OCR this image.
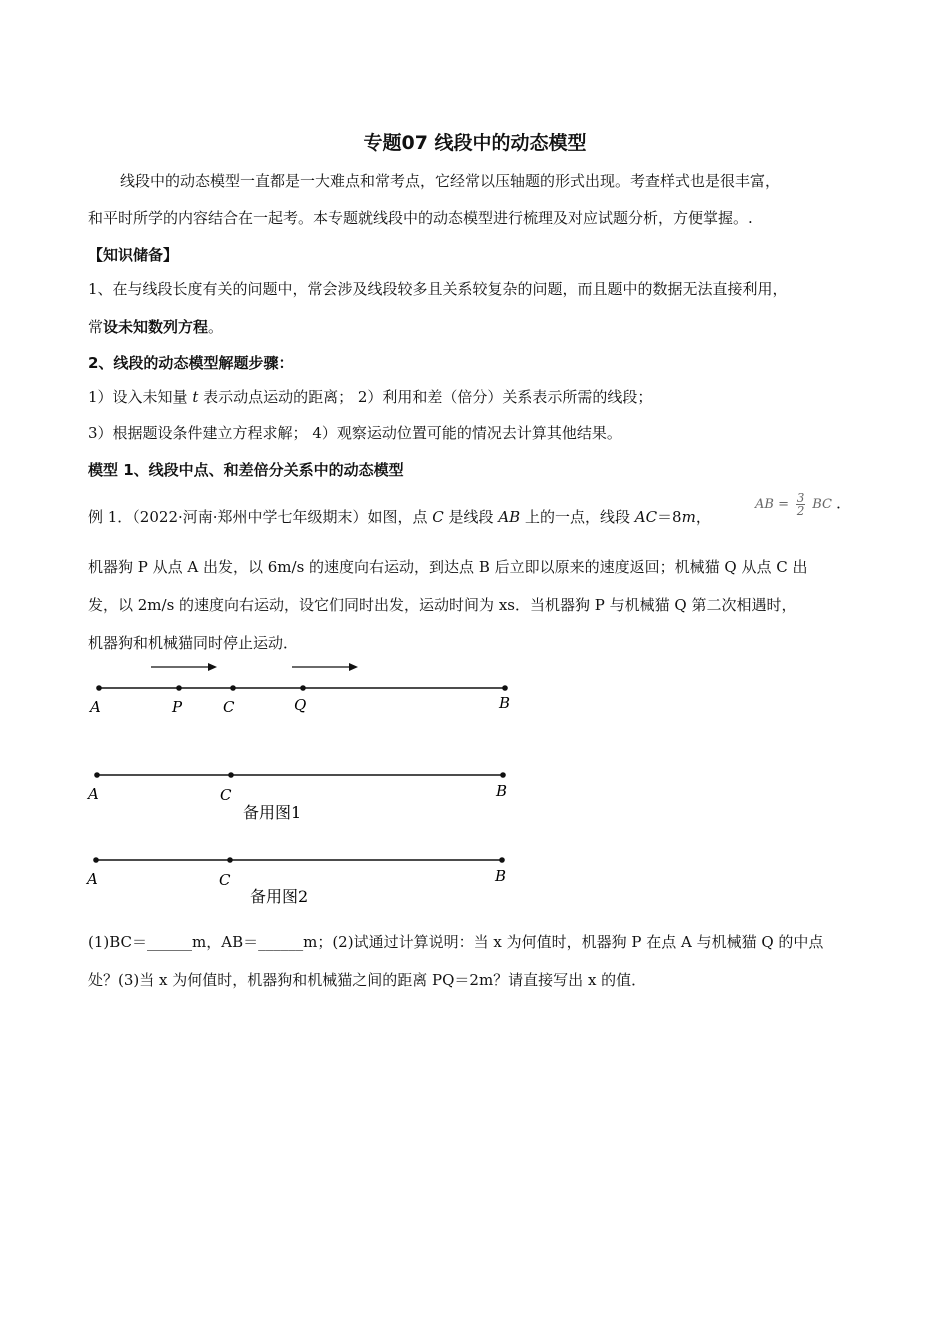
专题07 线段中的动态模型
线段中的动态模型一直都是一大难点和常考点，它经常以压轴题的形式出现。考查样式也是很丰富，
和平时所学的内容结合在一起考。本专题就线段中的动态模型进行梳理及对应试题分析，方便掌握。.
【知识储备】
1、在与线段长度有关的问题中，常会涉及线段较多且关系较复杂的问题，而且题中的数据无法直接利用，
常设未知数列方程。
2、线段的动态模型解题步骤：
1）设入未知量 t 表示动点运动的距离； 2）利用和差（倍分）关系表示所需的线段；
3）根据题设条件建立方程求解； 4）观察运动位置可能的情况去计算其他结果。
模型 1、线段中点、和差倍分关系中的动态模型
例 1．（2022·河南·郑州中学七年级期末）如图，点 C 是线段 AB 上的一点，线段 AC＝8m，
AB = $\frac{3}{2}$ BC ．
机器狗 P 从点 A 出发，以 6m/s 的速度向右运动，到达点 B 后立即以原来的速度返回；机械猫 Q 从点 C 出
发，以 2m/s 的速度向右运动，设它们同时出发，运动时间为 xs．当机器狗 P 与机械猫 Q 第二次相遇时，
机器狗和机械猫同时停止运动．
A	P	C	Q	B
A	C	B
备用图1
A	C	B
备用图2
(1)BC＝______m，AB＝______m；(2)试通过计算说明：当 x 为何值时，机器狗 P 在点 A 与机械猫 Q 的中点
处？(3)当 x 为何值时，机器狗和机械猫之间的距离 PQ＝2m？请直接写出 x 的值．
